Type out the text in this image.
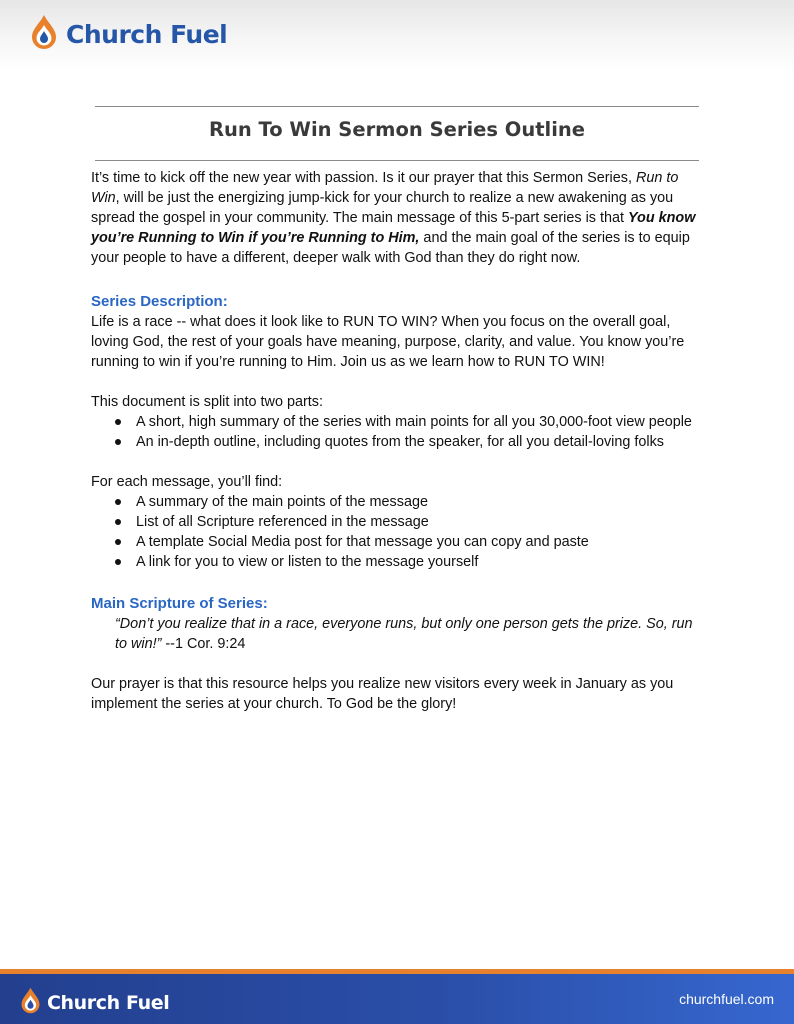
Church Fuel
Run To Win Sermon Series Outline

It’s time to kick off the new year with passion. Is it our prayer that this Sermon Series, Run to Win, will be just the energizing jump-kick for your church to realize a new awakening as you spread the gospel in your community. The main message of this 5-part series is that You know you’re Running to Win if you’re Running to Him, and the main goal of the series is to equip your people to have a different, deeper walk with God than they do right now.

Series Description:

Life is a race -- what does it look like to RUN TO WIN? When you focus on the overall goal, loving God, the rest of your goals have meaning, purpose, clarity, and value. You know you’re running to win if you’re running to Him. Join us as we learn how to RUN TO WIN!

This document is split into two parts:

A short, high summary of the series with main points for all you 30,000-foot view people
An in-depth outline, including quotes from the speaker, for all you detail-loving folks

For each message, you’ll find:

A summary of the main points of the message
List of all Scripture referenced in the message
A template Social Media post for that message you can copy and paste
A link for you to view or listen to the message yourself

Main Scripture of Series:

“Don’t you realize that in a race, everyone runs, but only one person gets the prize. So, run to win!” --1 Cor. 9:24

Our prayer is that this resource helps you realize new visitors every week in January as you implement the series at your church. To God be the glory!

Church Fuel	churchfuel.com
